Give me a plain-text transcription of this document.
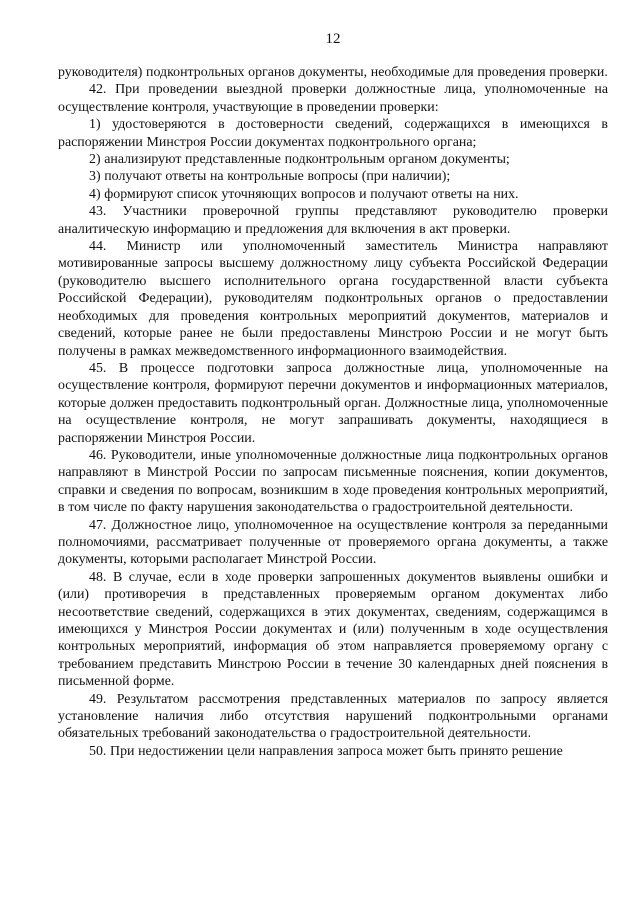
12

руководителя) подконтрольных органов документы, необходимые для проведения проверки.

42. При проведении выездной проверки должностные лица, уполномоченные на осуществление контроля, участвующие в проведении проверки:

1) удостоверяются в достоверности сведений, содержащихся в имеющихся в распоряжении Минстроя России документах подконтрольного органа;

2) анализируют представленные подконтрольным органом документы;

3) получают ответы на контрольные вопросы (при наличии);

4) формируют список уточняющих вопросов и получают ответы на них.

43. Участники проверочной группы представляют руководителю проверки аналитическую информацию и предложения для включения в акт проверки.

44. Министр или уполномоченный заместитель Министра направляют мотивированные запросы высшему должностному лицу субъекта Российской Федерации (руководителю высшего исполнительного органа государственной власти субъекта Российской Федерации), руководителям подконтрольных органов о предоставлении необходимых для проведения контрольных мероприятий документов, материалов и сведений, которые ранее не были предоставлены Минстрою России и не могут быть получены в рамках межведомственного информационного взаимодействия.

45. В процессе подготовки запроса должностные лица, уполномоченные на осуществление контроля, формируют перечни документов и информационных материалов, которые должен предоставить подконтрольный орган. Должностные лица, уполномоченные на осуществление контроля, не могут запрашивать документы, находящиеся в распоряжении Минстроя России.

46. Руководители, иные уполномоченные должностные лица подконтрольных органов направляют в Минстрой России по запросам письменные пояснения, копии документов, справки и сведения по вопросам, возникшим в ходе проведения контрольных мероприятий, в том числе по факту нарушения законодательства о градостроительной деятельности.

47. Должностное лицо, уполномоченное на осуществление контроля за переданными полномочиями, рассматривает полученные от проверяемого органа документы, а также документы, которыми располагает Минстрой России.

48. В случае, если в ходе проверки запрошенных документов выявлены ошибки и (или) противоречия в представленных проверяемым органом документах либо несоответствие сведений, содержащихся в этих документах, сведениям, содержащимся в имеющихся у Минстроя России документах и (или) полученным в ходе осуществления контрольных мероприятий, информация об этом направляется проверяемому органу с требованием представить Минстрою России в течение 30 календарных дней пояснения в письменной форме.

49. Результатом рассмотрения представленных материалов по запросу является установление наличия либо отсутствия нарушений подконтрольными органами обязательных требований законодательства о градостроительной деятельности.

50. При недостижении цели направления запроса может быть принято решение
